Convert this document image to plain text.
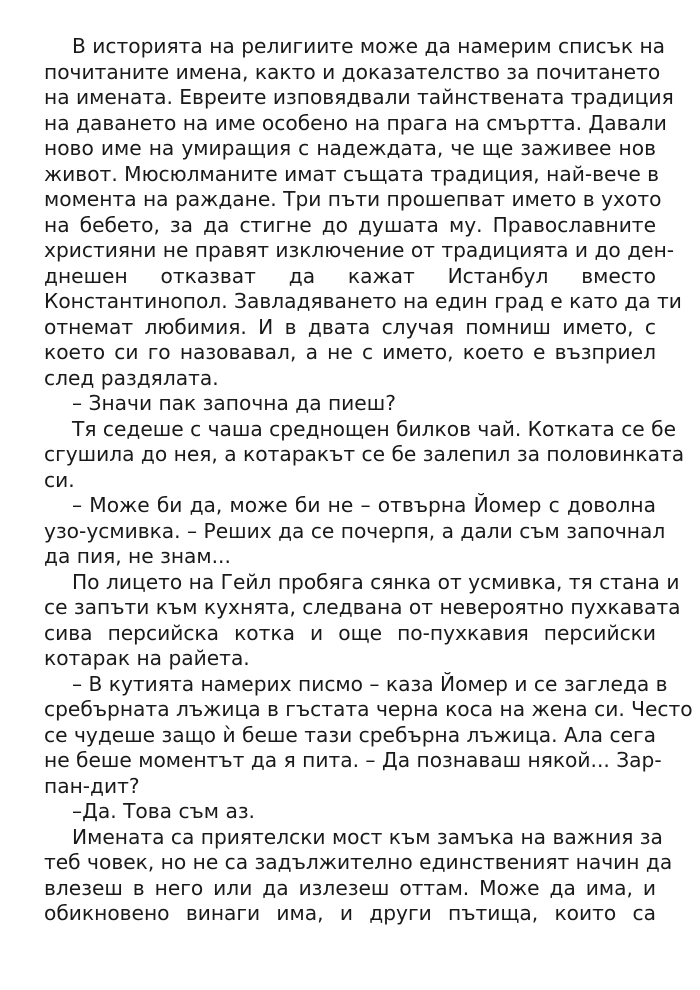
В историята на религиите може да намерим списък на
почитаните имена, както и доказателство за почитането
на имената. Евреите изповядвали тайнствената традиция
на даването на име особено на прага на смъртта. Давали
ново име на умиращия с надеждата, че ще заживее нов
живот. Мюсюлманите имат същата традиция, най-вече в
момента на раждане. Три пъти прошепват името в ухото
на бебето, за да стигне до душата му. Православните
християни не правят изключение от традицията и до ден-
днешен отказват да кажат Истанбул вместо
Константинопол. Завладяването на един град е като да ти
отнемат любимия. И в двата случая помниш името, с
което си го назовавал, а не с името, което е възприел
след раздялата.
– Значи пак започна да пиеш?
Тя седеше с чаша среднощен билков чай. Котката се бе
сгушила до нея, а котаракът се бе залепил за половинката
си.
– Може би да, може би не – отвърна Йомер с доволна
узо-усмивка. – Реших да се почерпя, а дали съм започнал
да пия, не знам...
По лицето на Гейл пробяга сянка от усмивка, тя стана и
се запъти към кухнята, следвана от невероятно пухкавата
сива персийска котка и още по-пухкавия персийски
котарак на райета.
– В кутията намерих писмо – каза Йомер и се загледа в
сребърната лъжица в гъстата черна коса на жена си. Често
се чудеше защо ѝ беше тази сребърна лъжица. Ала сега
не беше моментът да я пита. – Да познаваш някой... Зар-
пан-дит?
–Да. Това съм аз.
Имената са приятелски мост към замъка на важния за
теб човек, но не са задължително единственият начин да
влезеш в него или да излезеш оттам. Може да има, и
обикновено винаги има, и други пътища, които са
